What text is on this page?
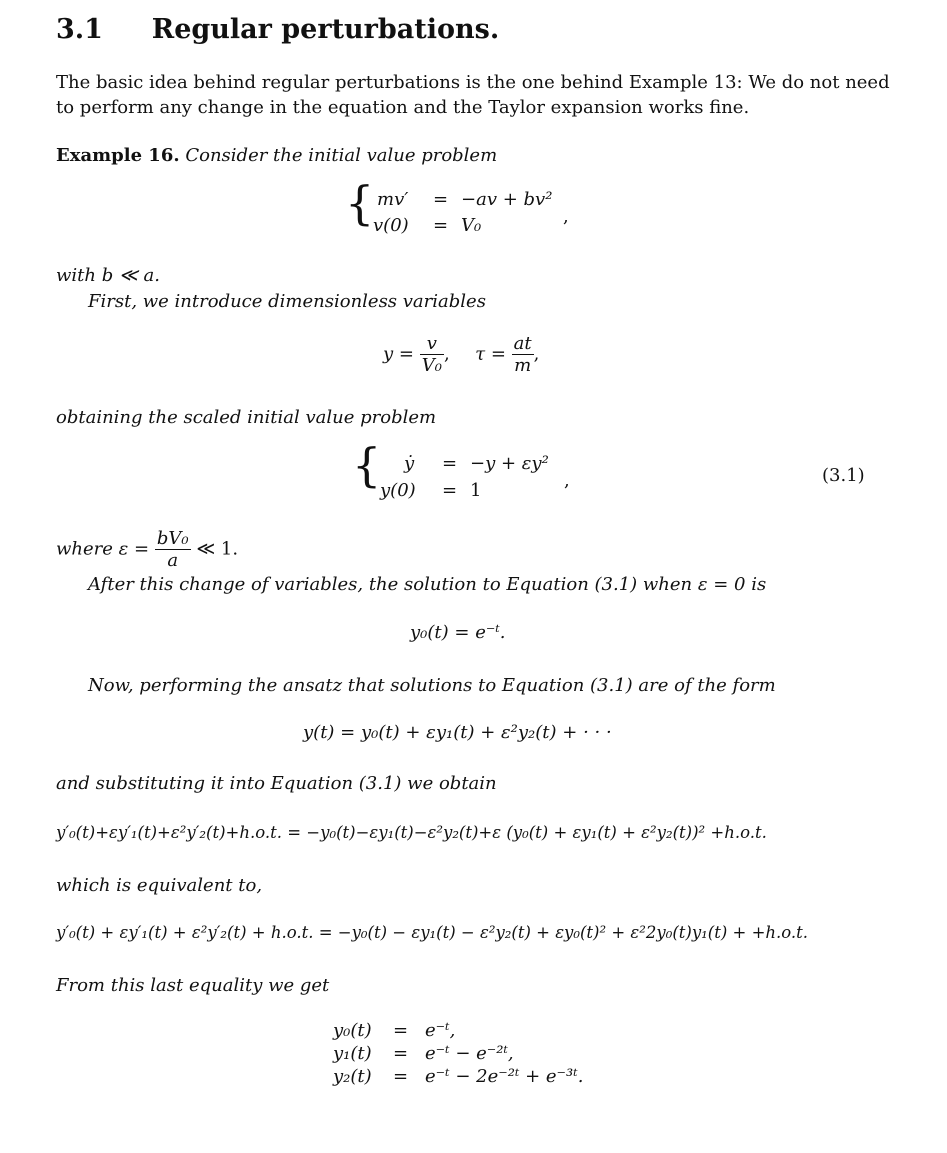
3.1 Regular perturbations.
The basic idea behind regular perturbations is the one behind Example 13: We do not need
to perform any change in the equation and the Taylor expansion works fine.
Example 16. Consider the initial value problem
{ mv′ = −av + bv²
v(0) = V₀	,
with b ≪ a.
First, we introduce dimensionless variables
$y = \frac{v}{\text{V₀}}$ , $\tau = \frac{at}{m}$ ,
obtaining the scaled initial value problem
{ ẏ = −y + εy²
y(0) = 1	,	(3.1)
where $\varepsilon = \frac{\text{bV₀}}{a}$ ≪ 1.
After this change of variables, the solution to Equation (3.1) when ε = 0 is
y₀(t) = e⁻ᵗ.
Now, performing the ansatz that solutions to Equation (3.1) are of the form
y(t) = y₀(t) + εy₁(t) + ε²y₂(t) + · · ·
and substituting it into Equation (3.1) we obtain
y′₀(t)+εy′₁(t)+ε²y′₂(t)+h.o.t. = −y₀(t)−εy₁(t)−ε²y₂(t)+ε (y₀(t) + εy₁(t) + ε²y₂(t))² +h.o.t.
which is equivalent to,
y′₀(t) + εy′₁(t) + ε²y′₂(t) + h.o.t. = −y₀(t) − εy₁(t) − ε²y₂(t) + εy₀(t)² + ε²2y₀(t)y₁(t) + +h.o.t.
From this last equality we get
y₀(t) = e⁻ᵗ,
y₁(t) = e⁻ᵗ − e⁻²ᵗ,
y₂(t) = e⁻ᵗ − 2e⁻²ᵗ + e⁻³ᵗ.
